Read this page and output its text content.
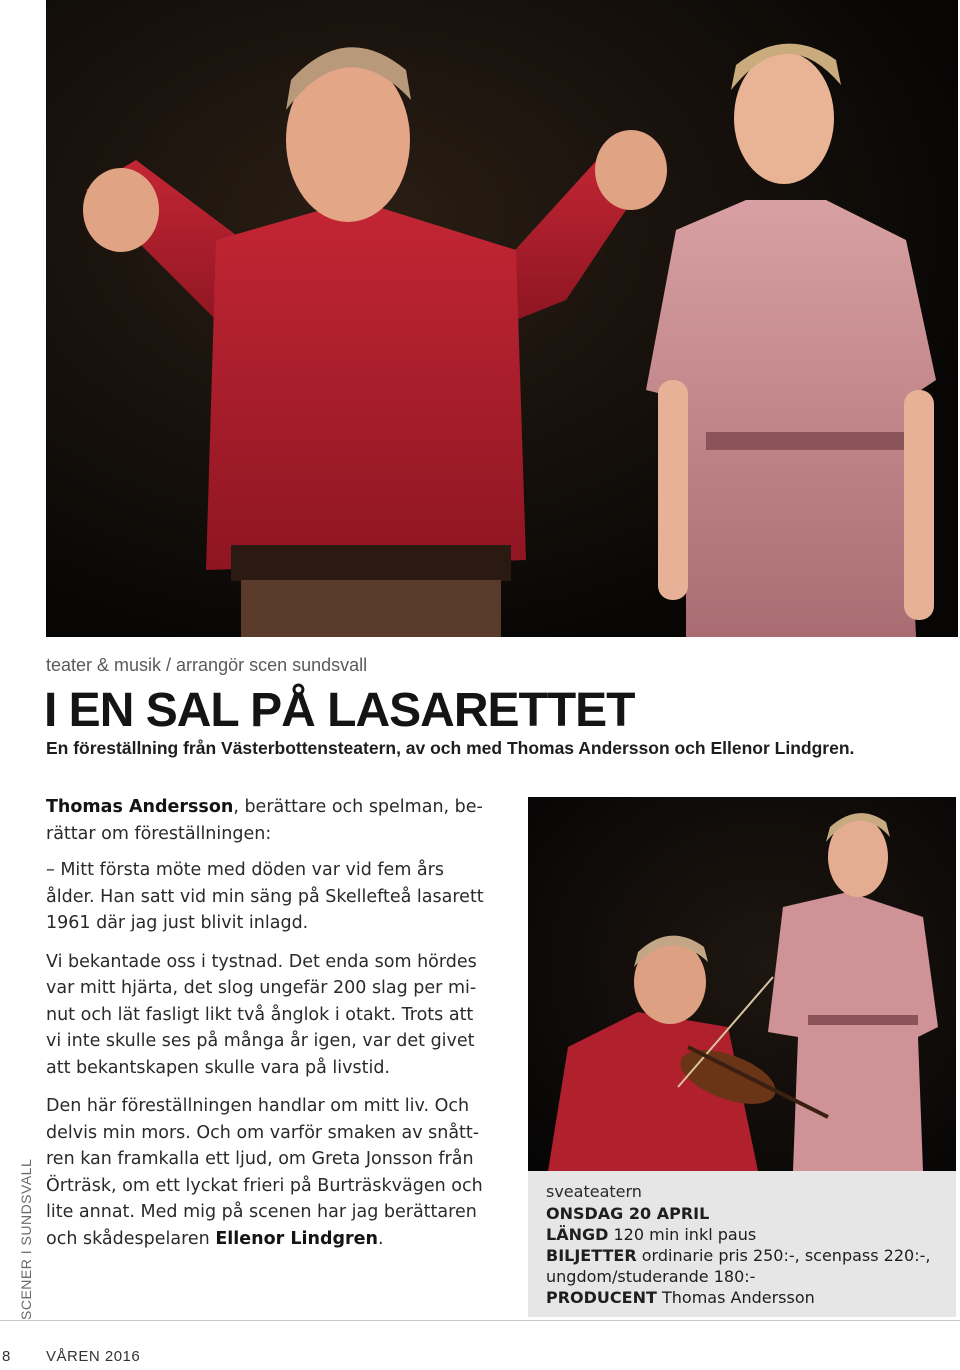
teater & musik / arrangör scen sundsvall
I EN SAL PÅ LASARETTET
En föreställning från Västerbottensteatern, av och med Thomas Andersson och Ellenor Lindgren.

Thomas Andersson, berättare och spelman, be-rättar om föreställningen:

– Mitt första möte med döden var vid fem års ålder. Han satt vid min säng på Skellefteå lasarett 1961 där jag just blivit inlagd.

Vi bekantade oss i tystnad. Det enda som hördes var mitt hjärta, det slog ungefär 200 slag per mi-nut och lät fasligt likt två ånglok i otakt. Trots att vi inte skulle ses på många år igen, var det givet att bekantskapen skulle vara på livstid.

Den här föreställningen handlar om mitt liv. Och delvis min mors. Och om varför smaken av snått-ren kan framkalla ett ljud, om Greta Jonsson från Örträsk, om ett lyckat frieri på Burträskvägen och lite annat. Med mig på scenen har jag berättaren och skådespelaren Ellenor Lindgren.

sveateatern
ONSDAG 20 APRIL
LÄNGD 120 min inkl paus
BILJETTER ordinarie pris 250:-, scenpass 220:-, ungdom/studerande 180:-
PRODUCENT Thomas Andersson
SCENER I SUNDSVALL
8 VÅREN 2016
